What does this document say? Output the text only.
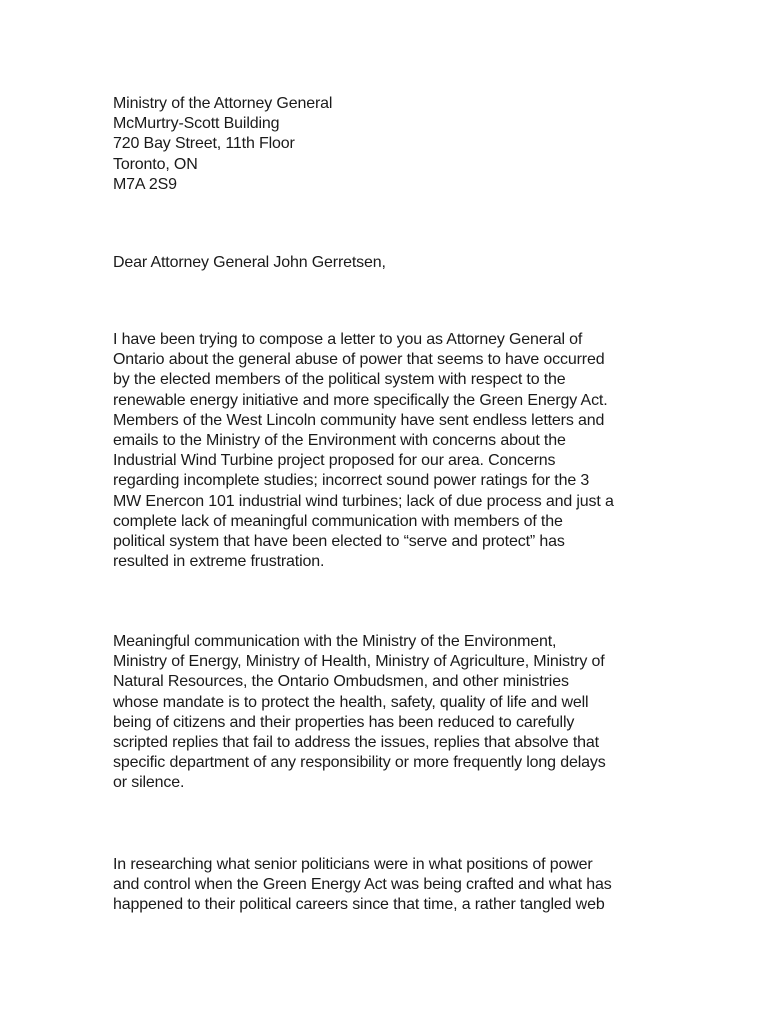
Ministry of the Attorney General
McMurtry-Scott Building
720 Bay Street, 11th Floor
Toronto, ON
M7A 2S9
Dear Attorney General John Gerretsen,
I have been trying to compose a letter to you as Attorney General of
Ontario about the general abuse of power that seems to have occurred
by the elected members of the political system with respect to the
renewable energy initiative and more specifically the Green Energy Act.
Members of the West Lincoln community have sent endless letters and
emails to the Ministry of the Environment with concerns about the
Industrial Wind Turbine project proposed for our area. Concerns
regarding incomplete studies; incorrect sound power ratings for the 3
MW Enercon 101 industrial wind turbines; lack of due process and just a
complete lack of meaningful communication with members of the
political system that have been elected to “serve and protect” has
resulted in extreme frustration.
Meaningful communication with the Ministry of the Environment,
Ministry of Energy, Ministry of Health, Ministry of Agriculture, Ministry of
Natural Resources, the Ontario Ombudsmen, and other ministries
whose mandate is to protect the health, safety, quality of life and well
being of citizens and their properties has been reduced to carefully
scripted replies that fail to address the issues, replies that absolve that
specific department of any responsibility or more frequently long delays
or silence.
In researching what senior politicians were in what positions of power
and control when the Green Energy Act was being crafted and what has
happened to their political careers since that time, a rather tangled web
